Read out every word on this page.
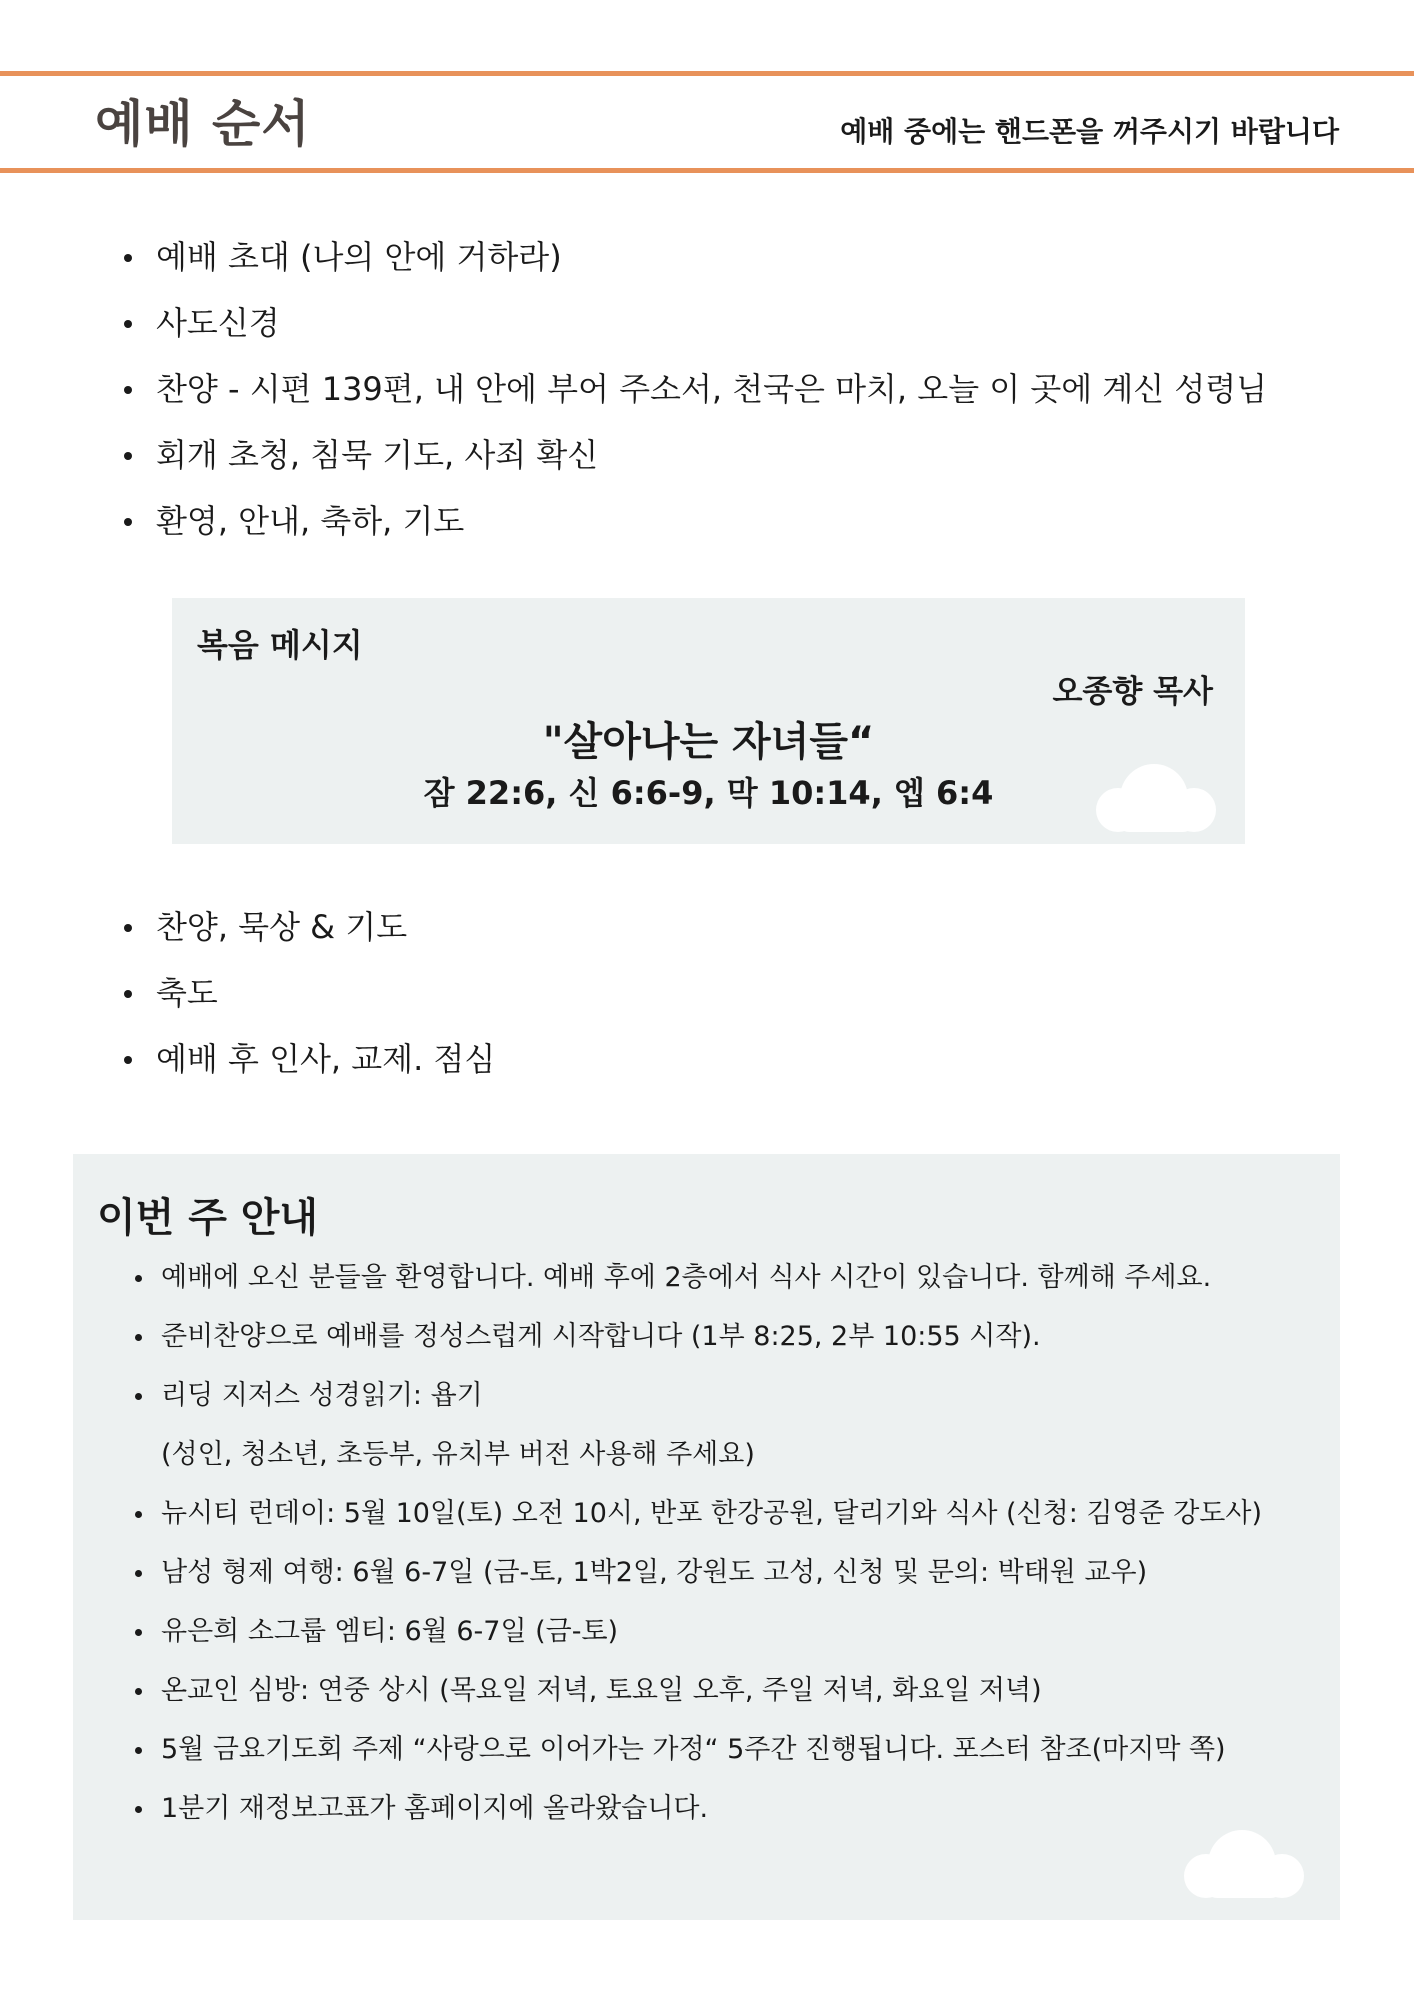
예배 순서	예배 중에는 핸드폰을 꺼주시기 바랍니다
예배 초대 (나의 안에 거하라)
사도신경
찬양 - 시편 139편, 내 안에 부어 주소서, 천국은 마치, 오늘 이 곳에 계신 성령님
회개 초청, 침묵 기도, 사죄 확신
환영, 안내, 축하, 기도
복음 메시지
오종향 목사
"살아나는 자녀들“
잠 22:6, 신 6:6-9, 막 10:14, 엡 6:4
찬양, 묵상 & 기도
축도
예배 후 인사, 교제. 점심
이번 주 안내
예배에 오신 분들을 환영합니다. 예배 후에 2층에서 식사 시간이 있습니다. 함께해 주세요.
준비찬양으로 예배를 정성스럽게 시작합니다 (1부 8:25, 2부 10:55 시작).
리딩 지저스 성경읽기: 욥기
(성인, 청소년, 초등부, 유치부 버전 사용해 주세요)
뉴시티 런데이: 5월 10일(토) 오전 10시, 반포 한강공원, 달리기와 식사 (신청: 김영준 강도사)
남성 형제 여행: 6월 6-7일 (금-토, 1박2일, 강원도 고성, 신청 및 문의: 박태원 교우)
유은희 소그룹 엠티: 6월 6-7일 (금-토)
온교인 심방: 연중 상시 (목요일 저녁, 토요일 오후, 주일 저녁, 화요일 저녁)
5월 금요기도회 주제 “사랑으로 이어가는 가정“ 5주간 진행됩니다. 포스터 참조(마지막 쪽)
1분기 재정보고표가 홈페이지에 올라왔습니다.
